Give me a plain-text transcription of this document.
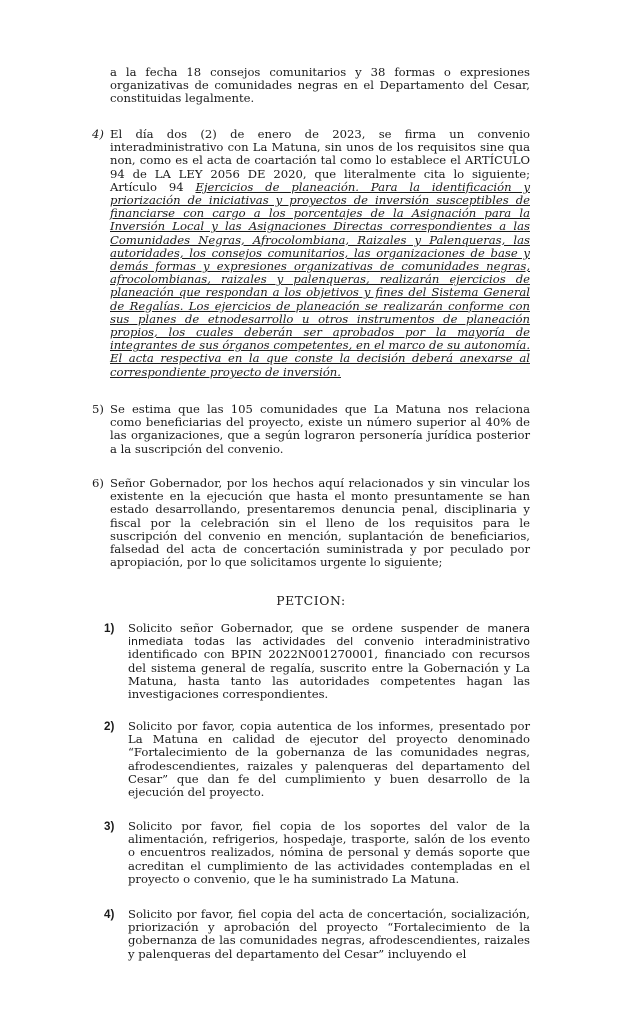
a la fecha 18 consejos comunitarios y 38 formas o expresiones organizativas de comunidades negras en el Departamento del Cesar, constituidas legalmente.

4) El día dos (2) de enero de 2023, se firma un convenio interadministrativo con La Matuna, sin unos de los requisitos sine qua non, como es el acta de coartación tal como lo establece el ARTÍCULO 94 de LA LEY 2056 DE 2020, que literalmente cita lo siguiente; Artículo 94 Ejercicios de planeación. Para la identificación y priorización de iniciativas y proyectos de inversión susceptibles de financiarse con cargo a los porcentajes de la Asignación para la Inversión Local y las Asignaciones Directas correspondientes a las Comunidades Negras, Afrocolombiana, Raizales y Palenqueras, las autoridades, los consejos comunitarios, las organizaciones de base y demás formas y expresiones organizativas de comunidades negras, afrocolombianas, raizales y palenqueras, realizarán ejercicios de planeación que respondan a los objetivos y fines del Sistema General de Regalías. Los ejercicios de planeación se realizarán conforme con sus planes de etnodesarrollo u otros instrumentos de planeación propios, los cuales deberán ser aprobados por la mayoría de integrantes de sus órganos competentes, en el marco de su autonomía. El acta respectiva en la que conste la decisión deberá anexarse al correspondiente proyecto de inversión.

5) Se estima que las 105 comunidades que La Matuna nos relaciona como beneficiarias del proyecto, existe un número superior al 40% de las organizaciones, que a según lograron personería jurídica posterior a la suscripción del convenio.

6) Señor Gobernador, por los hechos aquí relacionados y sin vincular los existente en la ejecución que hasta el monto presuntamente se han estado desarrollando, presentaremos denuncia penal, disciplinaria y fiscal por la celebración sin el lleno de los requisitos para le suscripción del convenio en mención, suplantación de beneficiarios, falsedad del acta de concertación suministrada y por peculado por apropiación, por lo que solicitamos urgente lo siguiente;

PETCION:
1) Solicito señor Gobernador, que se ordene suspender de manera inmediata todas las actividades del convenio interadministrativo identificado con BPIN 2022N001270001, financiado con recursos del sistema general de regalía, suscrito entre la Gobernación y La Matuna, hasta tanto las autoridades competentes hagan las investigaciones correspondientes.

2) Solicito por favor, copia autentica de los informes, presentado por La Matuna en calidad de ejecutor del proyecto denominado “Fortalecimiento de la gobernanza de las comunidades negras, afrodescendientes, raizales y palenqueras del departamento del Cesar” que dan fe del cumplimiento y buen desarrollo de la ejecución del proyecto.

3) Solicito por favor, fiel copia de los soportes del valor de la alimentación, refrigerios, hospedaje, trasporte, salón de los evento o encuentros realizados, nómina de personal y demás soporte que acreditan el cumplimiento de las actividades contempladas en el proyecto o convenio, que le ha suministrado La Matuna.

4) Solicito por favor, fiel copia del acta de concertación, socialización, priorización y aprobación del proyecto “Fortalecimiento de la gobernanza de las comunidades negras, afrodescendientes, raizales y palenqueras del departamento del Cesar” incluyendo el
